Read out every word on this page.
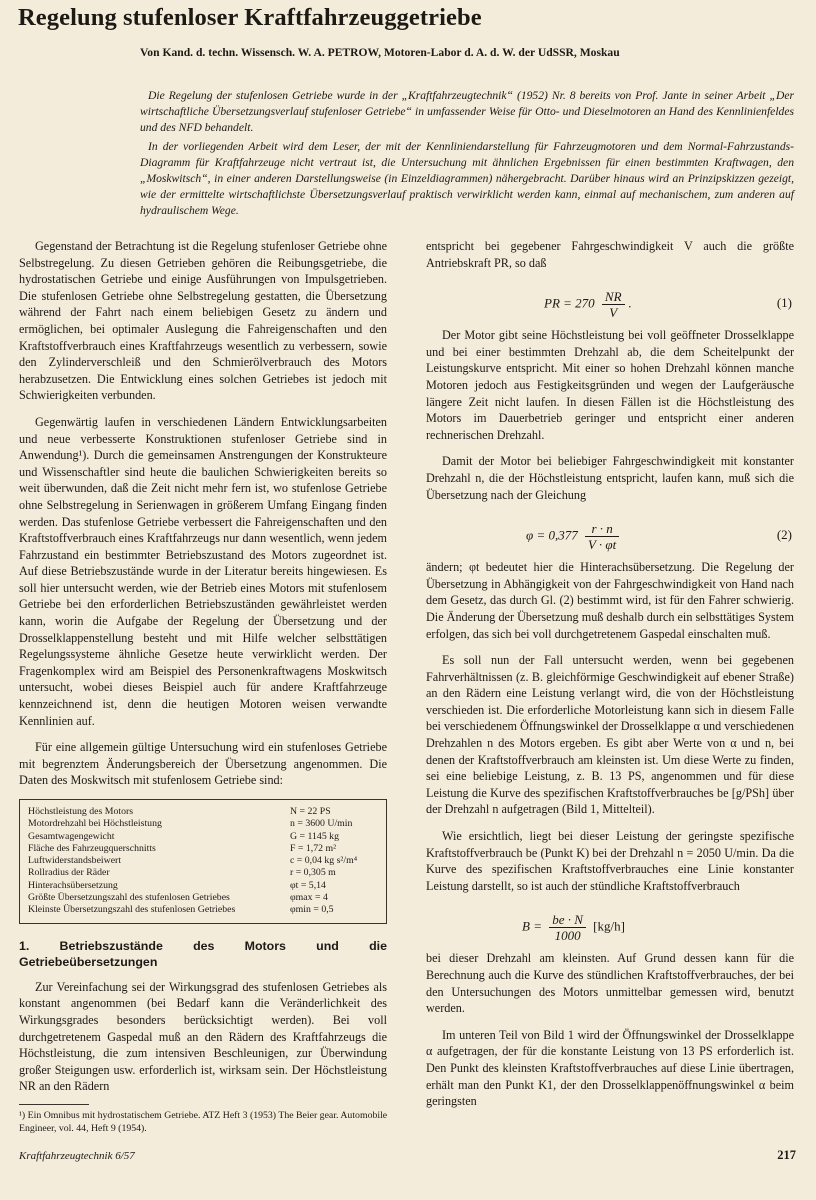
Regelung stufenloser Kraftfahrzeuggetriebe
Von Kand. d. techn. Wissensch. W. A. PETROW, Motoren-Labor d. A. d. W. der UdSSR, Moskau

Die Regelung der stufenlosen Getriebe wurde in der „Kraftfahrzeugtechnik“ (1952) Nr. 8 bereits von Prof. Jante in seiner Arbeit „Der wirtschaftliche Übersetzungsverlauf stufenloser Getriebe“ in umfassender Weise für Otto- und Dieselmotoren an Hand des Kennlinienfeldes und des NFD behandelt.

In der vorliegenden Arbeit wird dem Leser, der mit der Kennliniendarstellung für Fahrzeugmotoren und dem Normal-Fahrzustands-Diagramm für Kraftfahrzeuge nicht vertraut ist, die Untersuchung mit ähnlichen Ergebnissen für einen bestimmten Kraftwagen, den „Moskwitsch“, in einer anderen Darstellungsweise (in Einzeldiagrammen) nähergebracht. Darüber hinaus wird an Prinzipskizzen gezeigt, wie der ermittelte wirtschaftlichste Übersetzungsverlauf praktisch verwirklicht werden kann, einmal auf mechanischem, zum anderen auf hydraulischem Wege.

Gegenstand der Betrachtung ist die Regelung stufenloser Getriebe ohne Selbstregelung. Zu diesen Getrieben gehören die Reibungsgetriebe, die hydrostatischen Getriebe und einige Ausführungen von Impulsgetrieben. Die stufenlosen Getriebe ohne Selbstregelung gestatten, die Übersetzung während der Fahrt nach einem beliebigen Gesetz zu ändern und ermöglichen, bei optimaler Auslegung die Fahreigenschaften und den Kraftstoffverbrauch eines Kraftfahrzeugs wesentlich zu verbessern, sowie den Zylinderverschleiß und den Schmierölverbrauch des Motors herabzusetzen. Die Entwicklung eines solchen Getriebes ist jedoch mit Schwierigkeiten verbunden.

Gegenwärtig laufen in verschiedenen Ländern Entwicklungsarbeiten und neue verbesserte Konstruktionen stufenloser Getriebe sind in Anwendung¹). Durch die gemeinsamen Anstrengungen der Konstrukteure und Wissenschaftler sind heute die baulichen Schwierigkeiten bereits so weit überwunden, daß die Zeit nicht mehr fern ist, wo stufenlose Getriebe ohne Selbstregelung in Serienwagen in größerem Umfang Eingang finden werden. Das stufenlose Getriebe verbessert die Fahreigenschaften und den Kraftstoffverbrauch eines Kraftfahrzeugs nur dann wesentlich, wenn jedem Fahrzustand ein bestimmter Betriebszustand des Motors zugeordnet ist. Auf diese Betriebszustände wurde in der Literatur bereits hingewiesen. Es soll hier untersucht werden, wie der Betrieb eines Motors mit stufenlosem Getriebe bei den erforderlichen Betriebszuständen gewährleistet werden kann, worin die Aufgabe der Regelung der Übersetzung und der Drosselklappenstellung besteht und mit Hilfe welcher selbsttätigen Regelungssysteme ähnliche Gesetze heute verwirklicht werden. Der Fragenkomplex wird am Beispiel des Personenkraftwagens Moskwitsch untersucht, wobei dieses Beispiel auch für andere Kraftfahrzeuge kennzeichnend ist, denn die heutigen Motoren weisen verwandte Kennlinien auf.

Für eine allgemein gültige Untersuchung wird ein stufenloses Getriebe mit begrenztem Änderungsbereich der Übersetzung angenommen. Die Daten des Moskwitsch mit stufenlosem Getriebe sind:

Höchstleistung des Motors	N = 22 PS
Motordrehzahl bei Höchstleistung	n = 3600 U/min
Gesamtwagengewicht	G = 1145 kg
Fläche des Fahrzeugquerschnitts	F = 1,72 m²
Luftwiderstandsbeiwert	c = 0,04 kg s²/m⁴
Rollradius der Räder	r = 0,305 m
Hinterachsübersetzung	φt = 5,14
Größte Übersetzungszahl des stufenlosen Getriebes	φmax = 4
Kleinste Übersetzungszahl des stufenlosen Getriebes	φmin = 0,5
1. Betriebszustände des Motors und die Getriebeübersetzungen

Zur Vereinfachung sei der Wirkungsgrad des stufenlosen Getriebes als konstant angenommen (bei Bedarf kann die Veränderlichkeit des Wirkungsgrades besonders berücksichtigt werden). Bei voll durchgetretenem Gaspedal muß an den Rädern des Kraftfahrzeugs die Höchstleistung, die zum intensiven Beschleunigen, zur Überwindung großer Steigungen usw. erforderlich ist, wirksam sein. Der Höchstleistung NR an den Rädern

¹) Ein Omnibus mit hydrostatischem Getriebe. ATZ Heft 3 (1953) The Beier gear. Automobile Engineer, vol. 44, Heft 9 (1954).

entspricht bei gegebener Fahrgeschwindigkeit V auch die größte Antriebskraft PR, so daß

PR = $270 \frac{NR}{V}$ .	(1)

Der Motor gibt seine Höchstleistung bei voll geöffneter Drosselklappe und bei einer bestimmten Drehzahl ab, die dem Scheitelpunkt der Leistungskurve entspricht. Mit einer so hohen Drehzahl können manche Motoren jedoch aus Festigkeitsgründen und wegen der Laufgeräusche längere Zeit nicht laufen. In diesen Fällen ist die Höchstleistung des Motors im Dauerbetrieb geringer und entspricht einer anderen rechnerischen Drehzahl.

Damit der Motor bei beliebiger Fahrgeschwindigkeit mit konstanter Drehzahl n, die der Höchstleistung entspricht, laufen kann, muß sich die Übersetzung nach der Gleichung

$\varphi = 0,377 \frac{r \cdot n}{V \cdot \varphi t}$	(2)

ändern; φt bedeutet hier die Hinterachsübersetzung. Die Regelung der Übersetzung in Abhängigkeit von der Fahrgeschwindigkeit von Hand nach dem Gesetz, das durch Gl. (2) bestimmt wird, ist für den Fahrer schwierig. Die Änderung der Übersetzung muß deshalb durch ein selbsttätiges System erfolgen, das sich bei voll durchgetretenem Gaspedal einschalten muß.

Es soll nun der Fall untersucht werden, wenn bei gegebenen Fahrverhältnissen (z. B. gleichförmige Geschwindigkeit auf ebener Straße) an den Rädern eine Leistung verlangt wird, die von der Höchstleistung verschieden ist. Die erforderliche Motorleistung kann sich in diesem Falle bei verschiedenem Öffnungswinkel der Drosselklappe α und verschiedenen Drehzahlen n des Motors ergeben. Es gibt aber Werte von α und n, bei denen der Kraftstoffverbrauch am kleinsten ist. Um diese Werte zu finden, sei eine beliebige Leistung, z. B. 13 PS, angenommen und für diese Leistung die Kurve des spezifischen Kraftstoffverbrauches be [g/PSh] über der Drehzahl n aufgetragen (Bild 1, Mittelteil).

Wie ersichtlich, liegt bei dieser Leistung der geringste spezifische Kraftstoffverbrauch be (Punkt K) bei der Drehzahl n = 2050 U/min. Da die Kurve des spezifischen Kraftstoffverbrauches eine Linie konstanter Leistung darstellt, so ist auch der stündliche Kraftstoffverbrauch

$B = \frac{be \cdot N}{1000} [kg/h]$

bei dieser Drehzahl am kleinsten. Auf Grund dessen kann für die Berechnung auch die Kurve des stündlichen Kraftstoffverbrauches, der bei den Untersuchungen des Motors unmittelbar gemessen wird, benutzt werden.

Im unteren Teil von Bild 1 wird der Öffnungswinkel der Drosselklappe α aufgetragen, der für die konstante Leistung von 13 PS erforderlich ist. Den Punkt des kleinsten Kraftstoffverbrauches auf diese Linie übertragen, erhält man den Punkt K1, der den Drosselklappenöffnungswinkel α beim geringsten

Kraftfahrzeugtechnik 6/57	217
